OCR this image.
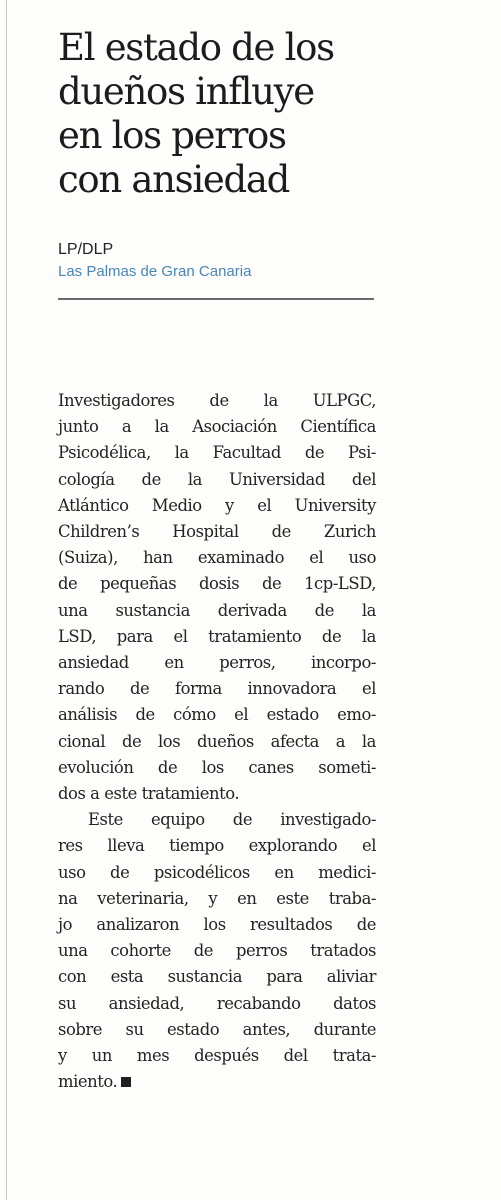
El estado de los
dueños influye
en los perros
con ansiedad
LP/DLP
Las Palmas de Gran Canaria
Investigadores de la ULPGC,
junto a la Asociación Científica
Psicodélica, la Facultad de Psi-
cología de la Universidad del
Atlántico Medio y el University
Children’s Hospital de Zurich
(Suiza), han examinado el uso
de pequeñas dosis de 1cp-LSD,
una sustancia derivada de la
LSD, para el tratamiento de la
ansiedad en perros, incorpo-
rando de forma innovadora el
análisis de cómo el estado emo-
cional de los dueños afecta a la
evolución de los canes someti-
dos a este tratamiento.
Este equipo de investigado-
res lleva tiempo explorando el
uso de psicodélicos en medici-
na veterinaria, y en este traba-
jo analizaron los resultados de
una cohorte de perros tratados
con esta sustancia para aliviar
su ansiedad, recabando datos
sobre su estado antes, durante
y un mes después del trata-
miento.
